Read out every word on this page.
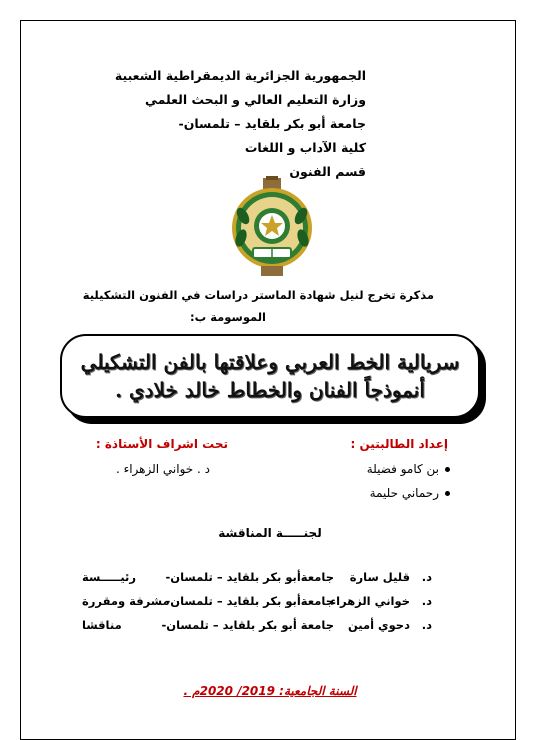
الجمهورية الجزائرية الديمقراطية الشعبية
وزارة التعليم العالي و البحث العلمي
جامعة أبو بكر بلقايد – تلمسان-
كلية الآداب و اللغات
قسم الفنون
مذكرة تخرج لنيل شهادة الماستر دراسات في الفنون التشكيلية
الموسومة ب:
سريالية الخط العربي وعلاقتها بالفن التشكيلي
أنموذجاً الفنان والخطاط خالد خلادي .
إعداد الطالبتين :
تحت اشراف الأستاذة :
بن كامو فضيلة
رحماني حليمة
د . خواني الزهراء .
لجنـــــة المناقشة
د.
قليل سارة
جامعةأبو بكر بلقايد – تلمسان-
رئيـــــسة
د.
خواني الزهراء
جامعةأبو بكر بلقايد – تلمسان-
مشرفة ومقررة
د.
دحوي أمين
جامعة أبو بكر بلقايد – تلمسان-
مناقشا
السنة الجامعية: 2019/ 2020م .
